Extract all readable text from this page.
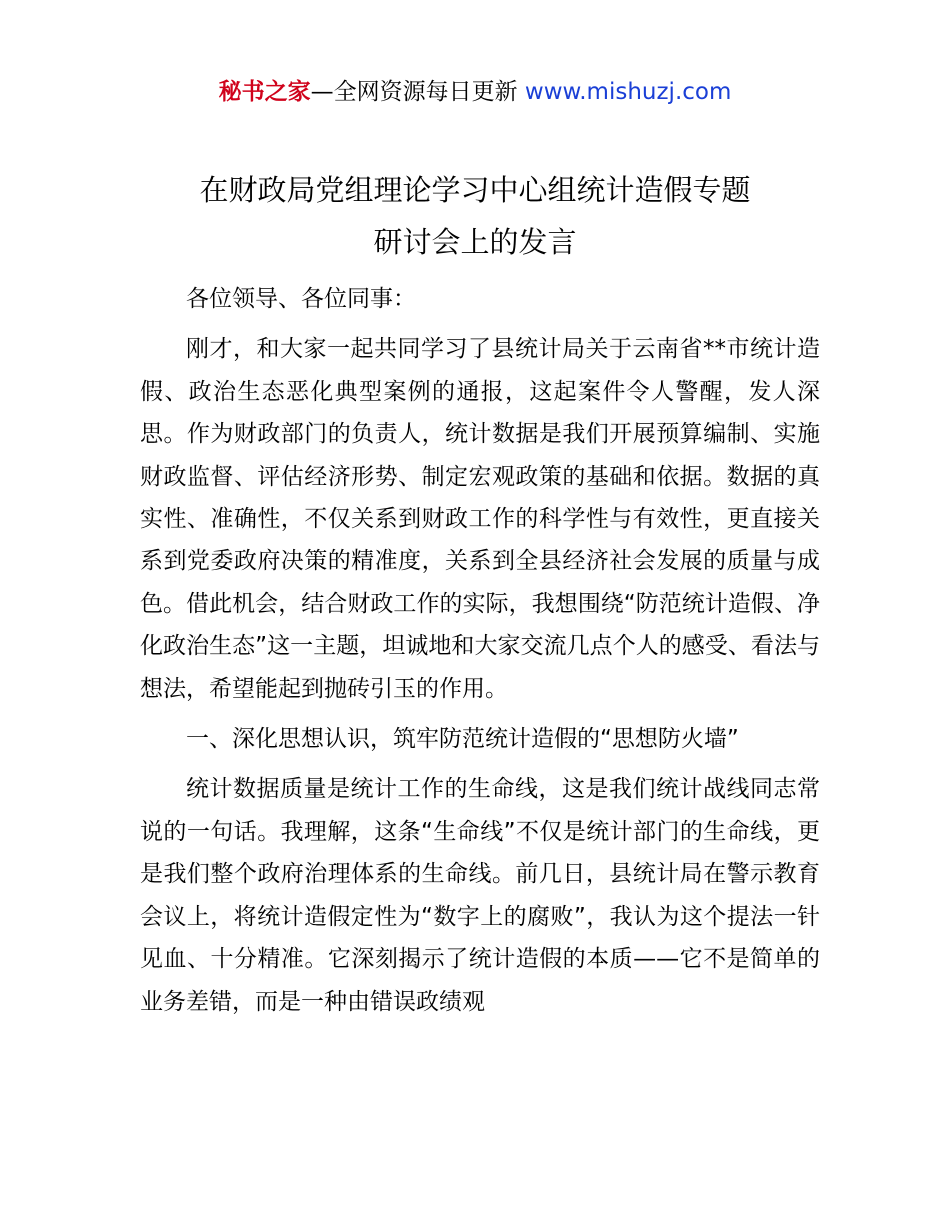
秘书之家—全网资源每日更新 www.mishuzj.com
在财政局党组理论学习中心组统计造假专题
研讨会上的发言

各位领导、各位同事：

刚才，和大家一起共同学习了县统计局关于云南省**市统计造假、政治生态恶化典型案例的通报，这起案件令人警醒，发人深思。作为财政部门的负责人，统计数据是我们开展预算编制、实施财政监督、评估经济形势、制定宏观政策的基础和依据。数据的真实性、准确性，不仅关系到财政工作的科学性与有效性，更直接关系到党委政府决策的精准度，关系到全县经济社会发展的质量与成色。借此机会，结合财政工作的实际，我想围绕“防范统计造假、净化政治生态”这一主题，坦诚地和大家交流几点个人的感受、看法与想法，希望能起到抛砖引玉的作用。

一、深化思想认识，筑牢防范统计造假的“思想防火墙”

统计数据质量是统计工作的生命线，这是我们统计战线同志常说的一句话。我理解，这条“生命线”不仅是统计部门的生命线，更是我们整个政府治理体系的生命线。前几日，县统计局在警示教育会议上，将统计造假定性为“数字上的腐败”，我认为这个提法一针见血、十分精准。它深刻揭示了统计造假的本质——它不是简单的业务差错，而是一种由错误政绩观
